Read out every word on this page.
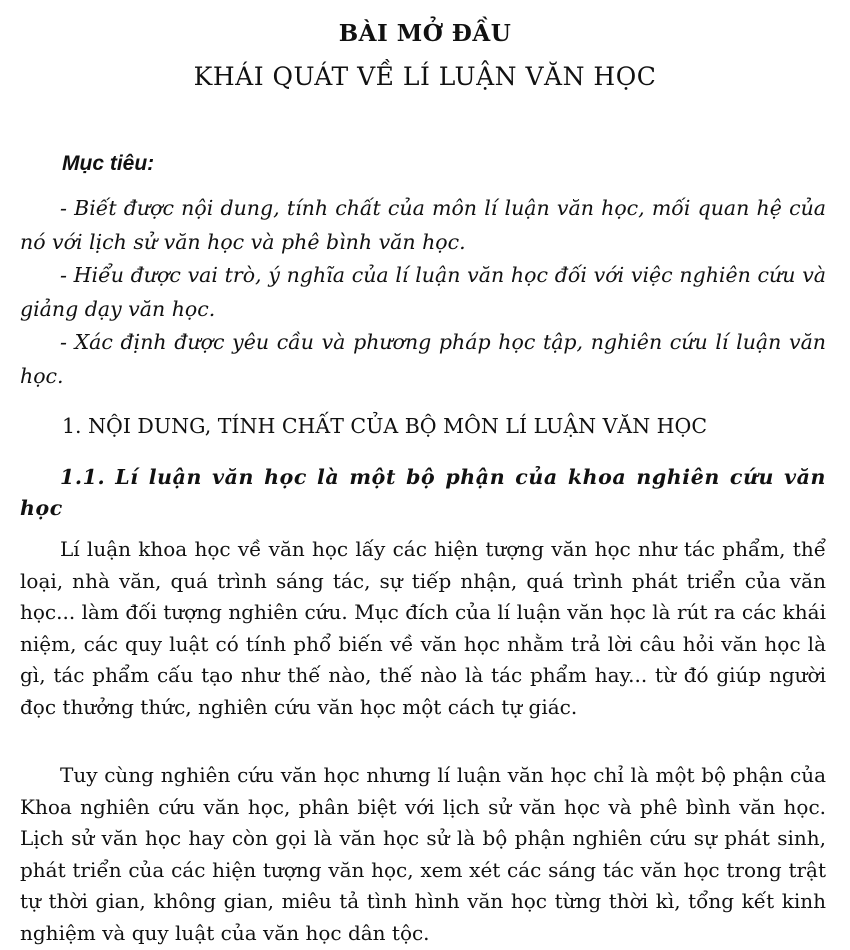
BÀI MỞ ĐẦU
KHÁI QUÁT VỀ LÍ LUẬN VĂN HỌC
Mục tiêu:
- Biết được nội dung, tính chất của môn lí luận văn học, mối quan hệ của nó với lịch sử văn học và phê bình văn học.
- Hiểu được vai trò, ý nghĩa của lí luận văn học đối với việc nghiên cứu và giảng dạy văn học.
- Xác định được yêu cầu và phương pháp học tập, nghiên cứu lí luận văn học.
1. NỘI DUNG, TÍNH CHẤT CỦA BỘ MÔN LÍ LUẬN VĂN HỌC
1.1. Lí luận văn học là một bộ phận của khoa nghiên cứu văn học
Lí luận khoa học về văn học lấy các hiện tượng văn học như tác phẩm, thể loại, nhà văn, quá trình sáng tác, sự tiếp nhận, quá trình phát triển của văn học... làm đối tượng nghiên cứu. Mục đích của lí luận văn học là rút ra các khái niệm, các quy luật có tính phổ biến về văn học nhằm trả lời câu hỏi văn học là gì, tác phẩm cấu tạo như thế nào, thế nào là tác phẩm hay... từ đó giúp người đọc thưởng thức, nghiên cứu văn học một cách tự giác.
Tuy cùng nghiên cứu văn học nhưng lí luận văn học chỉ là một bộ phận của Khoa nghiên cứu văn học, phân biệt với lịch sử văn học và phê bình văn học. Lịch sử văn học hay còn gọi là văn học sử là bộ phận nghiên cứu sự phát sinh, phát triển của các hiện tượng văn học, xem xét các sáng tác văn học trong trật tự thời gian, không gian, miêu tả tình hình văn học từng thời kì, tổng kết kinh nghiệm và quy luật của văn học dân tộc.
